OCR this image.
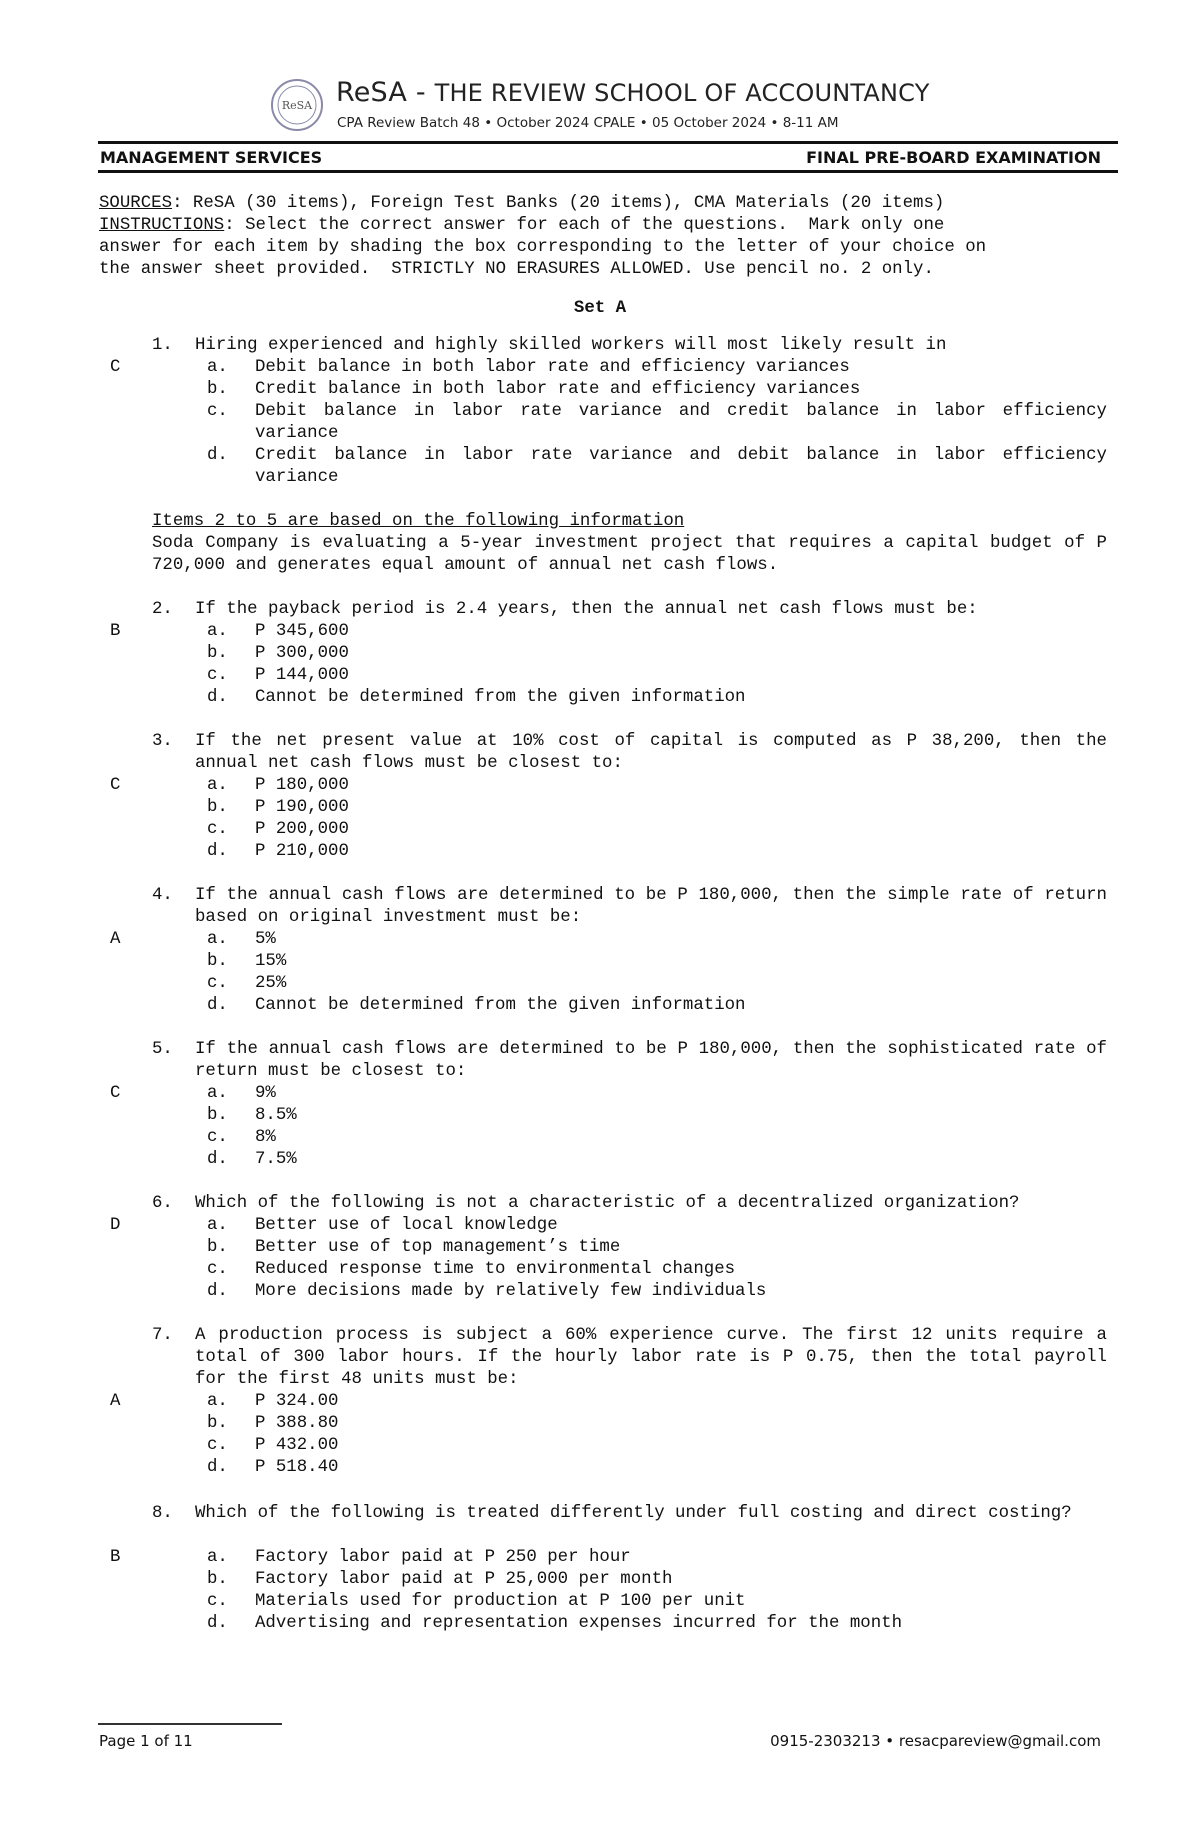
ReSA ReSA - THE REVIEW SCHOOL OF ACCOUNTANCY
CPA Review Batch 48 • October 2024 CPALE • 05 October 2024 • 8-11 AM
MANAGEMENT SERVICES	FINAL PRE-BOARD EXAMINATION
SOURCES: ReSA (30 items), Foreign Test Banks (20 items), CMA Materials (20 items)
INSTRUCTIONS: Select the correct answer for each of the questions.  Mark only one
answer for each item by shading the box corresponding to the letter of your choice on
the answer sheet provided.  STRICTLY NO ERASURES ALLOWED. Use pencil no. 2 only.
Set A
1. Hiring experienced and highly skilled workers will most likely result in
C	a. Debit balance in both labor rate and efficiency variances
b. Credit balance in both labor rate and efficiency variances
c. Debit balance in labor rate variance and credit balance in labor efficiency variance
d. Credit balance in labor rate variance and debit balance in labor efficiency variance
Items 2 to 5 are based on the following information
Soda Company is evaluating a 5-year investment project that requires a capital budget of P 720,000 and generates equal amount of annual net cash flows.
2. If the payback period is 2.4 years, then the annual net cash flows must be:
B	a. P 345,600
b. P 300,000
c. P 144,000
d. Cannot be determined from the given information
3. If the net present value at 10% cost of capital is computed as P 38,200, then the annual net cash flows must be closest to:
C	a. P 180,000
b. P 190,000
c. P 200,000
d. P 210,000
4. If the annual cash flows are determined to be P 180,000, then the simple rate of return based on original investment must be:
A	a. 5%
b. 15%
c. 25%
d. Cannot be determined from the given information
5. If the annual cash flows are determined to be P 180,000, then the sophisticated rate of return must be closest to:
C	a. 9%
b. 8.5%
c. 8%
d. 7.5%
6. Which of the following is not a characteristic of a decentralized organization?
D	a. Better use of local knowledge
b. Better use of top management’s time
c. Reduced response time to environmental changes
d. More decisions made by relatively few individuals
7. A production process is subject a 60% experience curve. The first 12 units require a total of 300 labor hours. If the hourly labor rate is P 0.75, then the total payroll for the first 48 units must be:
A	a. P 324.00
b. P 388.80
c. P 432.00
d. P 518.40
8. Which of the following is treated differently under full costing and direct costing?
B	a. Factory labor paid at P 250 per hour
b. Factory labor paid at P 25,000 per month
c. Materials used for production at P 100 per unit
d. Advertising and representation expenses incurred for the month
Page 1 of 11	0915-2303213 • resacpareview@gmail.com
